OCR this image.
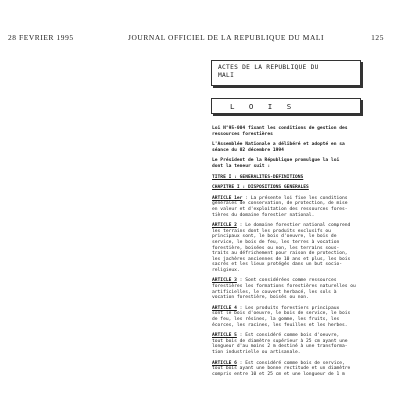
28 FEVRIER 1995	JOURNAL OFFICIEL DE LA REPUBLIQUE DU MALI	125
ACTES DE LA REPUBLIQUE DU
MALI
L O I S

Loi N°95-004 fixant les conditions de gestion des

ressources forestières

L'Assemblée Nationale a délibéré et adopté en sa

séance du 02 décembre 1994

Le Président de la République promulgue la loi

dont la teneur suit :

TITRE I : GENERALITES-DEFINITIONS

CHAPITRE I : DISPOSITIONS GENERALES

ARTICLE 1er : La présente loi fixe les conditions

générales de conservation, de protection, de mise

en valeur et d'exploitation des ressources fores-

tières du domaine forestier national.

ARTICLE 2 : Le domaine forestier national comprend

les terrains dont les produits exclusifs ou

principaux sont, le bois d'oeuvre, le bois de

service, le bois de feu, les terres à vocation

forestière, boisées ou non, les terrains sous-

traits au défrichement pour raison de protection,

les jachères anciennes de 10 ans et plus, les bois

sacrés et les lieux protégés dans un but socio-

religieux.

ARTICLE 3 : Sont considérées comme ressources

forestières les formations forestières naturelles ou

artificielles, le couvert herbacé, les sols à

vocation forestière, boisés ou non.

ARTICLE 4 : Les produits forestiers principaux

sont le bois d'oeuvre, le bois de service, le bois

de feu, les résines, la gomme, les fruits, les

écorces, les racines, les feuilles et les herbes.

ARTICLE 5 : Est considéré comme bois d'oeuvre,

tout bois de diamètre supérieur à 25 cm ayant une

longueur d'au moins 2 m destiné à une transforma-

tion industrielle ou artisanale.

ARTICLE 6 : Est considéré comme bois de service,

tout bois ayant une bonne rectitude et un diamètre

compris entre 10 et 25 cm et une longueur de 1 m
